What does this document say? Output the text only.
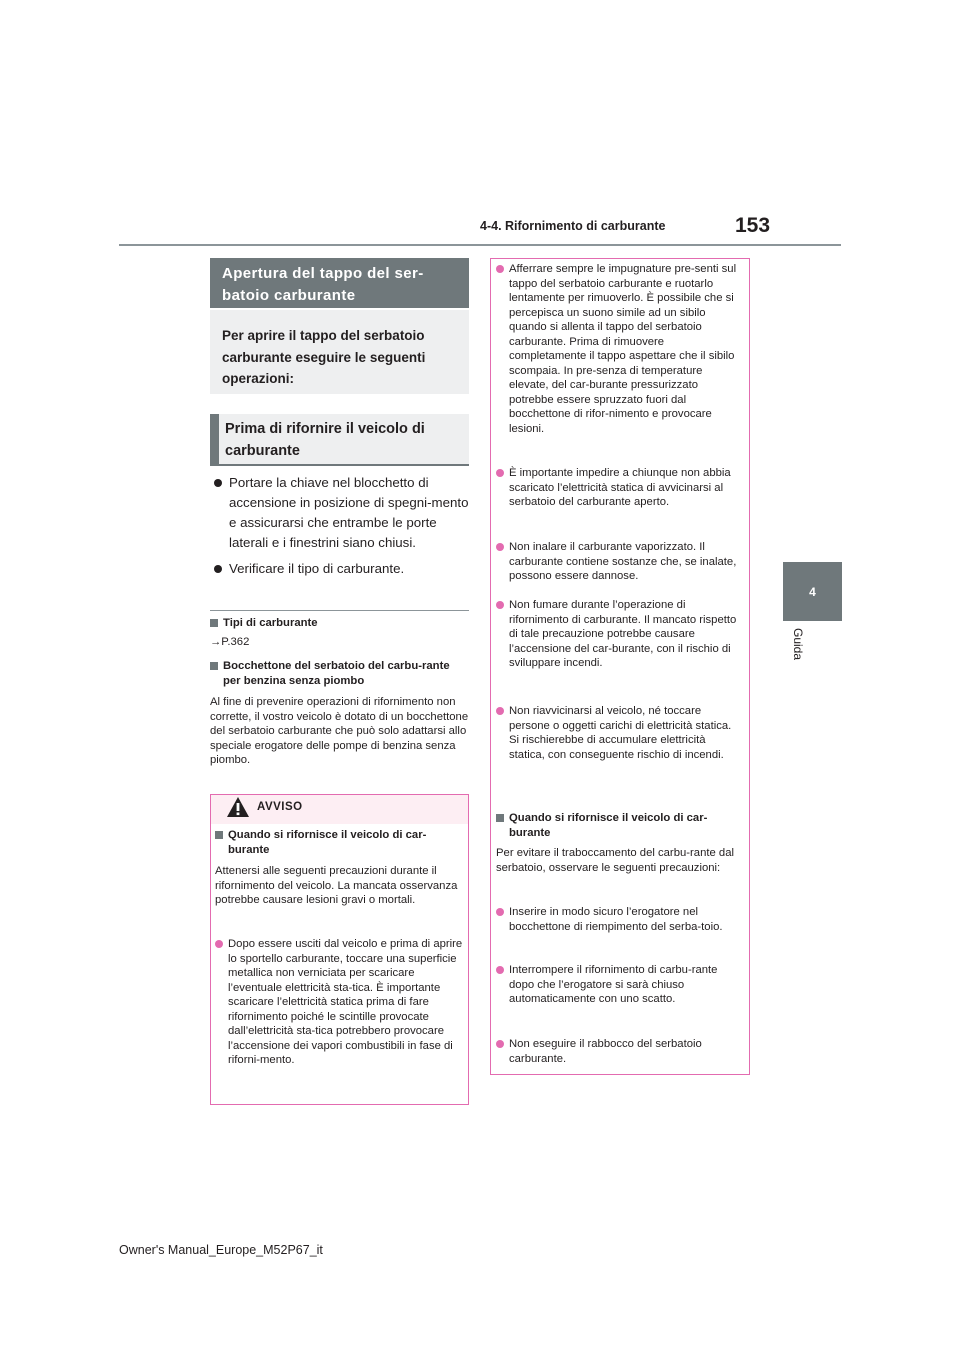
153
4-4. Rifornimento di carburante
4
Guida
Apertura del tappo del ser-
batoio carburante
Per aprire il tappo del serbatoio carburante eseguire le seguenti operazioni:
Prima di rifornire il veicolo di carburante
Portare la chiave nel blocchetto di accensione in posizione di spegni-mento e assicurarsi che entrambe le porte laterali e i finestrini siano chiusi.
Verificare il tipo di carburante.
Tipi di carburante
→P.362
Bocchettone del serbatoio del carbu-rante per benzina senza piombo
Al fine di prevenire operazioni di rifornimento non corrette, il vostro veicolo è dotato di un bocchettone del serbatoio carburante che può solo adattarsi allo speciale erogatore delle pompe di benzina senza piombo.
AVVISO
Quando si rifornisce il veicolo di car-burante
Attenersi alle seguenti precauzioni durante il rifornimento del veicolo. La mancata osservanza potrebbe causare lesioni gravi o mortali.
Dopo essere usciti dal veicolo e prima di aprire lo sportello carburante, toccare una superficie metallica non verniciata per scaricare l’eventuale elettricità sta-tica. È importante scaricare l’elettricità statica prima di fare rifornimento poiché le scintille provocate dall’elettricità sta-tica potrebbero provocare l’accensione dei vapori combustibili in fase di riforni-mento.
Afferrare sempre le impugnature pre-senti sul tappo del serbatoio carburante e ruotarlo lentamente per rimuoverlo. È possibile che si percepisca un suono simile ad un sibilo quando si allenta il tappo del serbatoio carburante. Prima di rimuovere completamente il tappo aspettare che il sibilo scompaia. In pre-senza di temperature elevate, del car-burante pressurizzato potrebbe essere spruzzato fuori dal bocchettone di rifor-nimento e provocare lesioni.
È importante impedire a chiunque non abbia scaricato l’elettricità statica di avvicinarsi al serbatoio del carburante aperto.
Non inalare il carburante vaporizzato. Il carburante contiene sostanze che, se inalate, possono essere dannose.
Non fumare durante l’operazione di rifornimento di carburante. Il mancato rispetto di tale precauzione potrebbe causare l’accensione del car-burante, con il rischio di sviluppare incendi.
Non riavvicinarsi al veicolo, né toccare persone o oggetti carichi di elettricità statica. Si rischierebbe di accumulare elettricità statica, con conseguente rischio di incendi.
Quando si rifornisce il veicolo di car-burante
Per evitare il traboccamento del carbu-rante dal serbatoio, osservare le seguenti precauzioni:
Inserire in modo sicuro l’erogatore nel bocchettone di riempimento del serba-toio.
Interrompere il rifornimento di carbu-rante dopo che l’erogatore si sarà chiuso automaticamente con uno scatto.
Non eseguire il rabbocco del serbatoio carburante.
Owner's Manual_Europe_M52P67_it
